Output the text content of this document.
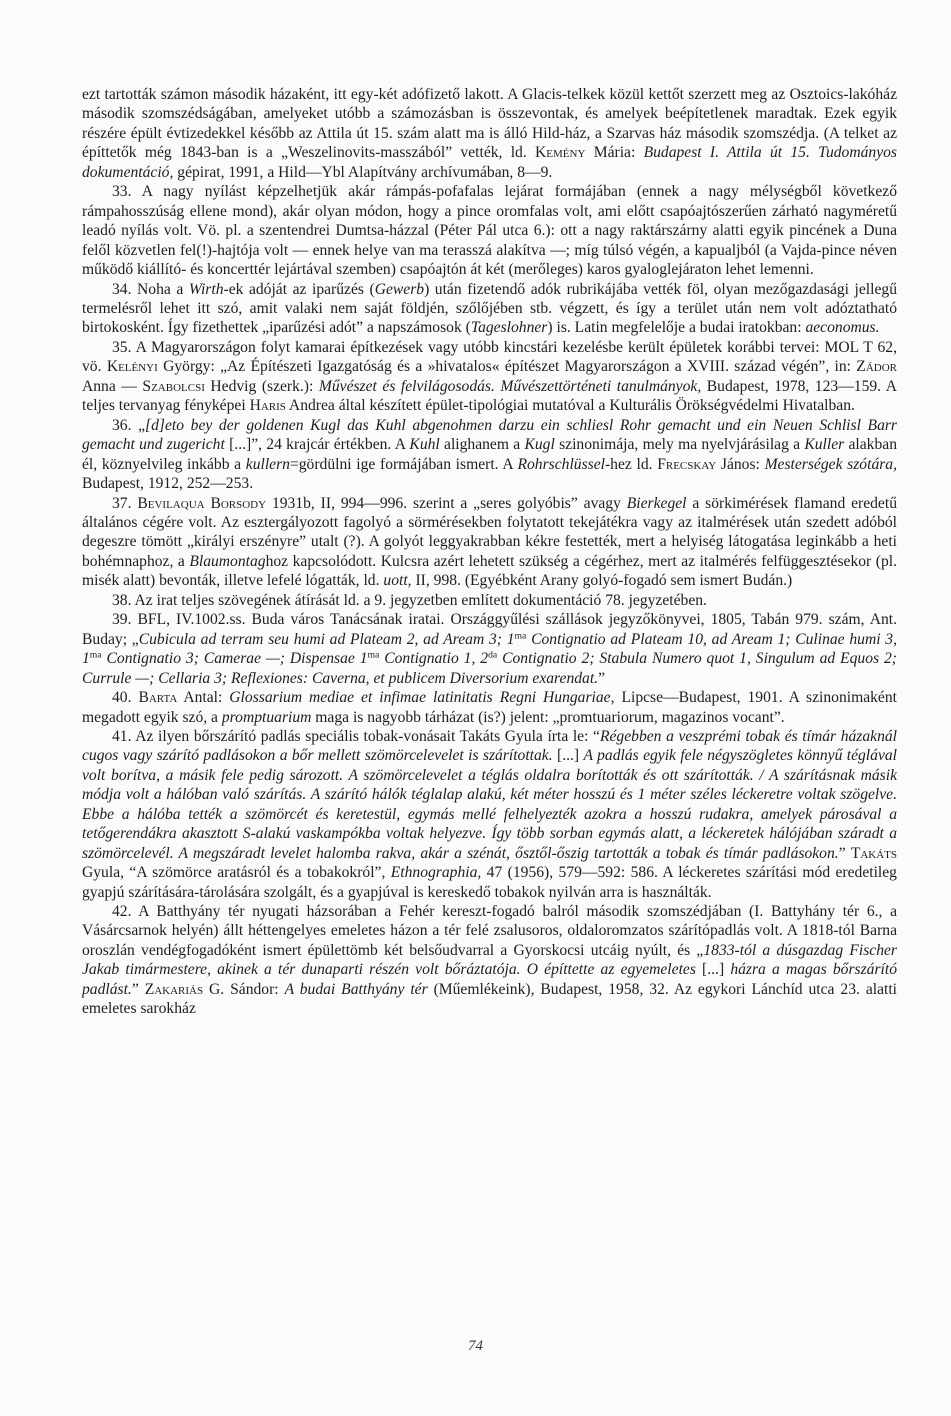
ezt tartották számon második házaként, itt egy-két adófizető lakott. A Glacis-telkek közül kettőt szerzett meg az Osztoics-lakóház második szomszédságában, amelyeket utóbb a számozásban is összevontak, és amelyek beépítetlenek maradtak. Ezek egyik részére épült évtizedekkel később az Attila út 15. szám alatt ma is álló Hild-ház, a Szarvas ház második szomszédja. (A telket az építtetők még 1843-ban is a „Weszelinovits-masszából” vették, ld. Kemény Mária: Budapest I. Attila út 15. Tudományos dokumentáció, gépirat, 1991, a Hild—Ybl Alapítvány archívumában, 8—9.

33. A nagy nyílást képzelhetjük akár rámpás-pofafalas lejárat formájában (ennek a nagy mélységből következő rámpahosszúság ellene mond), akár olyan módon, hogy a pince oromfalas volt, ami előtt csapóajtószerűen zárható nagyméretű leadó nyílás volt. Vö. pl. a szentendrei Dumtsa-házzal (Péter Pál utca 6.): ott a nagy raktárszárny alatti egyik pincének a Duna felől közvetlen fel(!)-hajtója volt — ennek helye van ma terasszá alakítva —; míg túlsó végén, a kapualjból (a Vajda-pince néven működő kiállító- és koncerttér lejártával szemben) csapóajtón át két (merőleges) karos gyaloglejáraton lehet lemenni.

34. Noha a Wirth-ek adóját az iparűzés (Gewerb) után fizetendő adók rubrikájába vették föl, olyan mezőgazdasági jellegű termelésről lehet itt szó, amit valaki nem saját földjén, szőlőjében stb. végzett, és így a terület után nem volt adóztatható birtokosként. Így fizethettek „iparűzési adót” a napszámosok (Tageslohner) is. Latin megfelelője a budai iratokban: aeconomus.

35. A Magyarországon folyt kamarai építkezések vagy utóbb kincstári kezelésbe került épületek korábbi tervei: MOL T 62, vö. Kelényi György: „Az Építészeti Igazgatóság és a »hivatalos« építészet Magyarországon a XVIII. század végén”, in: Zádor Anna — Szabolcsi Hedvig (szerk.): Művészet és felvilágosodás. Művészettörténeti tanulmányok, Budapest, 1978, 123—159. A teljes tervanyag fényképei Haris Andrea által készített épület-tipológiai mutatóval a Kulturális Örökségvédelmi Hivatalban.

36. „[d]eto bey der goldenen Kugl das Kuhl abgenohmen darzu ein schliesl Rohr gemacht und ein Neuen Schlisl Barr gemacht und zugericht [...]”, 24 krajcár értékben. A Kuhl alighanem a Kugl szinonimája, mely ma nyelvjárásilag a Kuller alakban él, köznyelvileg inkább a kullern=gördülni ige formájában ismert. A Rohrschlüssel-hez ld. Frecskay János: Mesterségek szótára, Budapest, 1912, 252—253.

37. Bevilaqua Borsody 1931b, II, 994—996. szerint a „seres golyóbis” avagy Bierkegel a sörkimérések flamand eredetű általános cégére volt. Az esztergályozott fagolyó a sörmérésekben folytatott tekejátékra vagy az italmérések után szedett adóból degeszre tömött „királyi erszényre” utalt (?). A golyót leggyakrabban kékre festették, mert a helyiség látogatása leginkább a heti bohémnaphoz, a Blaumontaghoz kapcsolódott. Kulcsra azért lehetett szükség a cégérhez, mert az italmérés felfüggesztésekor (pl. misék alatt) bevonták, illetve lefelé lógatták, ld. uott, II, 998. (Egyébként Arany golyó-fogadó sem ismert Budán.)

38. Az irat teljes szövegének átírását ld. a 9. jegyzetben említett dokumentáció 78. jegyzetében.

39. BFL, IV.1002.ss. Buda város Tanácsának iratai. Országgyűlési szállások jegyzőkönyvei, 1805, Tabán 979. szám, Ant. Buday; „Cubicula ad terram seu humi ad Plateam 2, ad Aream 3; $1^{ma}$ Contignatio ad Plateam 10, ad Aream 1; Culinae humi 3, $1^{ma}$ Contignatio 3; Camerae —; Dispensae $1^{ma}$ Contignatio 1, $2^{da}$ Contignatio 2; Stabula Numero quot 1, Singulum ad Equos 2; Currule —; Cellaria 3; Reflexiones: Caverna, et publicem Diversorium exarendat.”

40. Barta Antal: Glossarium mediae et infimae latinitatis Regni Hungariae, Lipcse—Budapest, 1901. A szinonimaként megadott egyik szó, a promptuarium maga is nagyobb tárházat (is?) jelent: „promtuariorum, magazinos vocant”.

41. Az ilyen bőrszárító padlás speciális tobak-vonásait Takáts Gyula írta le: “Régebben a veszprémi tobak és tímár házaknál cugos vagy szárító padlásokon a bőr mellett szömörcelevelet is szárítottak. [...] A padlás egyik fele négyszögletes könnyű téglával volt borítva, a másik fele pedig sározott. A szömörcelevelet a téglás oldalra borították és ott szárították. / A szárításnak másik módja volt a hálóban való szárítás. A szárító hálók téglalap alakú, két méter hosszú és 1 méter széles léckeretre voltak szögelve. Ebbe a hálóba tették a szömörcét és keretestül, egymás mellé felhelyezték azokra a hosszú rudakra, amelyek párosával a tetőgerendákra akasztott S-alakú vaskampókba voltak helyezve. Így több sorban egymás alatt, a léckeretek hálójában száradt a szömörcelevél. A megszáradt levelet halomba rakva, akár a szénát, ősztől-őszig tartották a tobak és tímár padlásokon.” Takáts Gyula, “A szömörce aratásról és a tobakokról”, Ethnographia, 47 (1956), 579—592: 586. A léckeretes szárítási mód eredetileg gyapjú szárítására-tárolására szolgált, és a gyapjúval is kereskedő tobakok nyilván arra is használták.

42. A Batthyány tér nyugati házsorában a Fehér kereszt-fogadó balról második szomszédjában (I. Battyhány tér 6., a Vásárcsarnok helyén) állt héttengelyes emeletes házon a tér felé zsalusoros, oldaloromzatos szárítópadlás volt. A 1818-tól Barna oroszlán vendégfogadóként ismert épülettömb két belsőudvarral a Gyorskocsi utcáig nyúlt, és „1833-tól a dúsgazdag Fischer Jakab timármestere, akinek a tér dunaparti részén volt bőráztatója. O építtette az egyemeletes [...] házra a magas bőrszárító padlást.” Zakariás G. Sándor: A budai Batthyány tér (Műemlékeink), Budapest, 1958, 32. Az egykori Lánchíd utca 23. alatti emeletes sarokház

74
